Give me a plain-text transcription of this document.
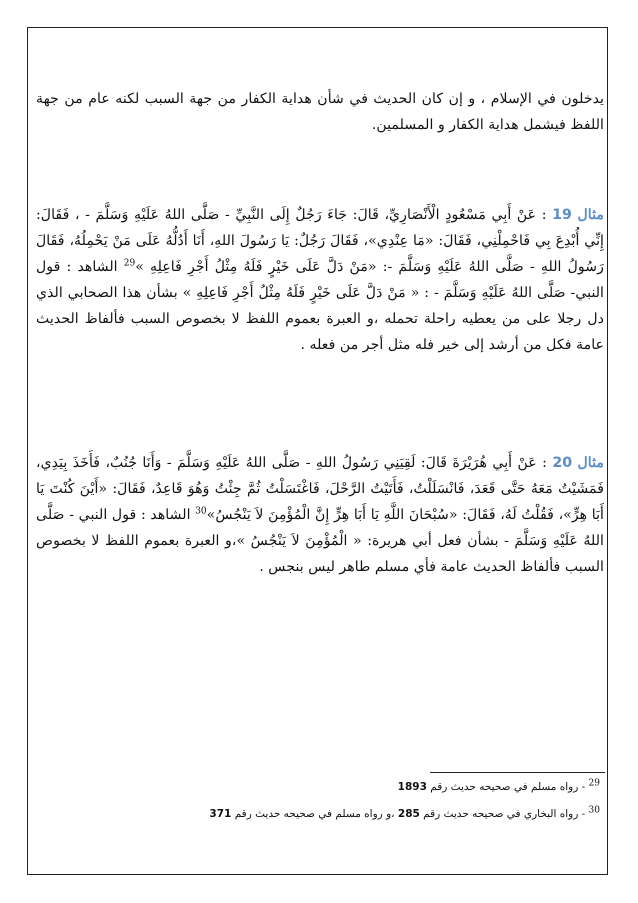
يدخلون في الإسلام ، و إن كان الحديث في شأن هداية الكفار من جهة السبب لكنه عام من جهة اللفظ فيشمل هداية الكفار و المسلمين.
مثال 19 : عَنْ أَبِي مَسْعُودٍ الْأَنْصَارِيِّ، قَالَ: جَاءَ رَجُلٌ إِلَى النَّبِيِّ - صَلَّى اللهُ عَلَيْهِ وَسَلَّمَ - ، فَقَالَ: إِنِّي أُبْدِعَ بِي فَاحْمِلْنِي، فَقَالَ: «مَا عِنْدِي»، فَقَالَ رَجُلٌ: يَا رَسُولَ اللهِ، أَنَا أَدُلُّهُ عَلَى مَنْ يَحْمِلُهُ، فَقَالَ رَسُولُ اللهِ - صَلَّى اللهُ عَلَيْهِ وَسَلَّمَ -: «مَنْ دَلَّ عَلَى خَيْرٍ فَلَهُ مِثْلُ أَجْرِ فَاعِلِهِ »$^{29}$ الشاهد : قول النبي- صَلَّى اللهُ عَلَيْهِ وَسَلَّمَ - : « مَنْ دَلَّ عَلَى خَيْرٍ فَلَهُ مِثْلُ أَجْرِ فَاعِلِهِ » بشأن هذا الصحابي الذي دل رجلا على من يعطيه راحلة تحمله ،و العبرة بعموم اللفظ لا بخصوص السبب فألفاظ الحديث عامة فكل من أرشد إلى خير فله مثل أجر من فعله .
مثال 20 : عَنْ أَبِي هُرَيْرَةَ قَالَ: لَقِيَنِي رَسُولُ اللهِ - صَلَّى اللهُ عَلَيْهِ وَسَلَّمَ - وَأَنَا جُنُبٌ، فَأَخَذَ بِيَدِي، فَمَشَيْتُ مَعَهُ حَتَّى قَعَدَ، فَانْسَلَلْتُ، فَأَتَيْتُ الرَّحْلَ، فَاغْتَسَلْتُ ثُمَّ جِئْتُ وَهُوَ قَاعِدٌ، فَقَالَ: «أَيْنَ كُنْتَ يَا أَبَا هِرٍّ»، فَقُلْتُ لَهُ، فَقَالَ: «سُبْحَانَ اللَّهِ يَا أَبَا هِرٍّ إِنَّ الْمُؤْمِنَ لاَ يَنْجُسُ»$^{30}$ الشاهد : قول النبي - صَلَّى اللهُ عَلَيْهِ وَسَلَّمَ - بشأن فعل أبي هريرة: « الْمُؤْمِنَ لاَ يَنْجُسُ »،و العبرة بعموم اللفظ لا بخصوص السبب فألفاظ الحديث عامة فأي مسلم طاهر ليس بنجس .
$^{29}$ - رواه مسلم في صحيحه حديث رقم 1893
$^{30}$ - رواه البخاري في صحيحه حديث رقم 285 ،و رواه مسلم في صحيحه حديث رقم 371
